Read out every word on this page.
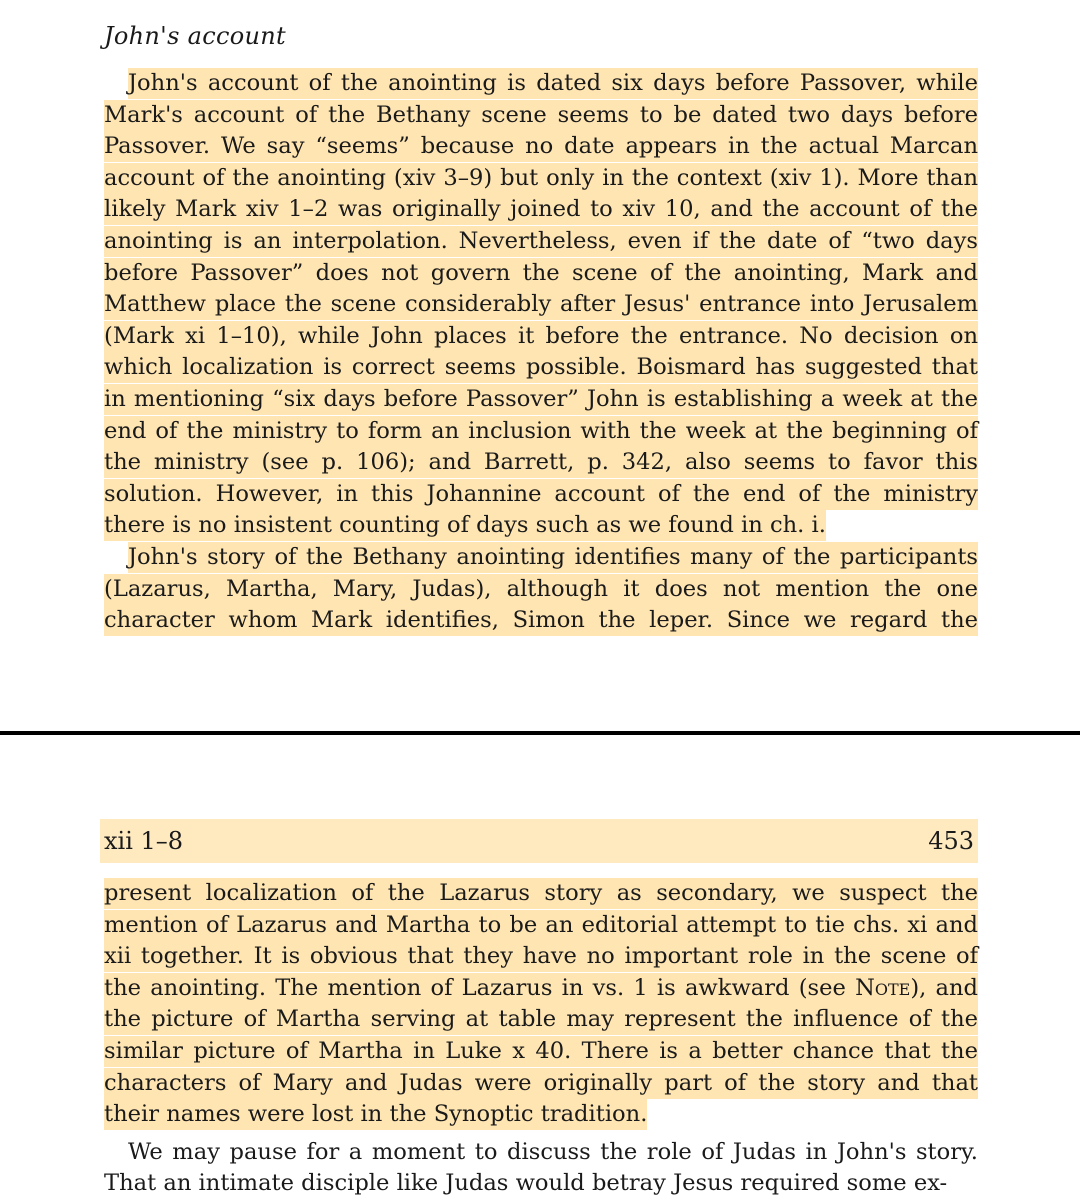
John's account

John's account of the anointing is dated six days before Passover, while Mark's account of the Bethany scene seems to be dated two days before Passover. We say “seems” because no date appears in the actual Marcan account of the anointing (xiv 3–9) but only in the context (xiv 1). More than likely Mark xiv 1–2 was originally joined to xiv 10, and the account of the anointing is an interpolation. Nevertheless, even if the date of “two days before Passover” does not govern the scene of the anointing, Mark and Matthew place the scene considerably after Jesus' entrance into Jerusalem (Mark xi 1–10), while John places it before the entrance. No decision on which localization is correct seems possible. Boismard has suggested that in mentioning “six days before Passover” John is establishing a week at the end of the ministry to form an inclusion with the week at the beginning of the ministry (see p. 106); and Barrett, p. 342, also seems to favor this solution. However, in this Johannine account of the end of the ministry there is no insistent counting of days such as we found in ch. i.

John's story of the Bethany anointing identifies many of the participants (Lazarus, Martha, Mary, Judas), although it does not mention the one character whom Mark identifies, Simon the leper. Since we regard the

xii 1–8	453

present localization of the Lazarus story as secondary, we suspect the mention of Lazarus and Martha to be an editorial attempt to tie chs. xi and xii together. It is obvious that they have no important role in the scene of the anointing. The mention of Lazarus in vs. 1 is awkward (see Note), and the picture of Martha serving at table may represent the influence of the similar picture of Martha in Luke x 40. There is a better chance that the characters of Mary and Judas were originally part of the story and that their names were lost in the Synoptic tradition.

We may pause for a moment to discuss the role of Judas in John's story. That an intimate disciple like Judas would betray Jesus required some ex-
